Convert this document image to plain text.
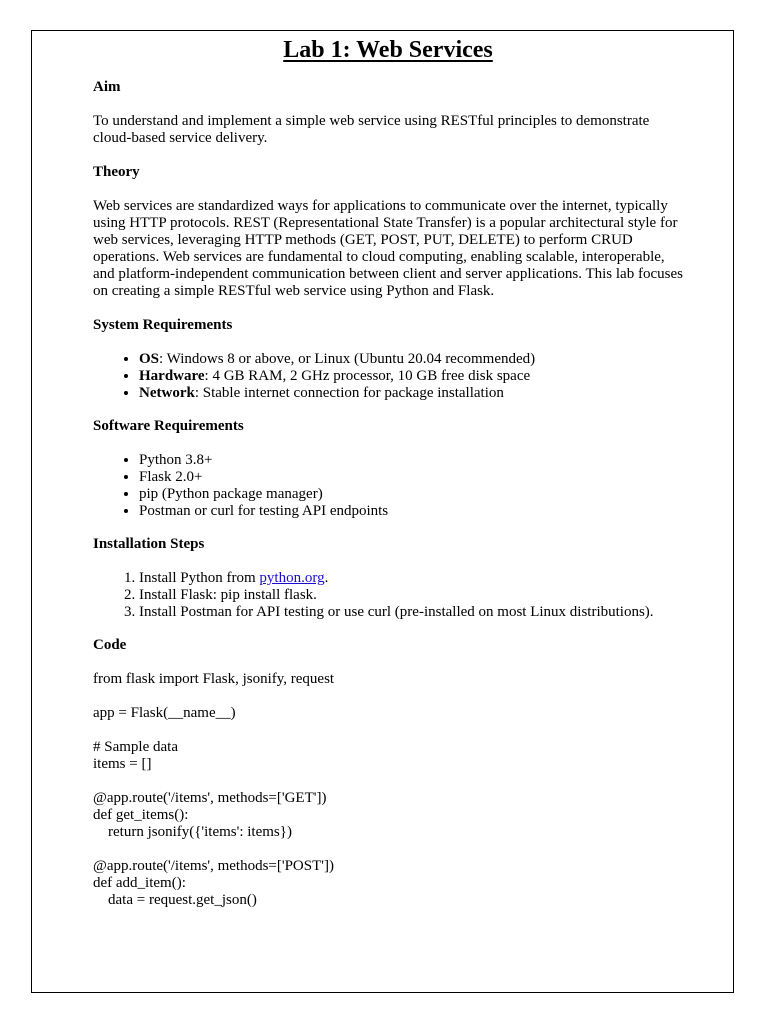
Lab 1: Web Services

Aim

To understand and implement a simple web service using RESTful principles to demonstrate cloud-based service delivery.

Theory

Web services are standardized ways for applications to communicate over the internet, typically using HTTP protocols. REST (Representational State Transfer) is a popular architectural style for web services, leveraging HTTP methods (GET, POST, PUT, DELETE) to perform CRUD operations. Web services are fundamental to cloud computing, enabling scalable, interoperable, and platform-independent communication between client and server applications. This lab focuses on creating a simple RESTful web service using Python and Flask.

System Requirements

• OS: Windows 8 or above, or Linux (Ubuntu 20.04 recommended)
• Hardware: 4 GB RAM, 2 GHz processor, 10 GB free disk space
• Network: Stable internet connection for package installation

Software Requirements

• Python 3.8+
• Flask 2.0+
• pip (Python package manager)
• Postman or curl for testing API endpoints

Installation Steps

1. Install Python from python.org.
2. Install Flask: pip install flask.
3. Install Postman for API testing or use curl (pre-installed on most Linux distributions).

Code

from flask import Flask, jsonify, request

app = Flask(__name__)

# Sample data

items = []

@app.route('/items', methods=['GET'])

def get_items():

return jsonify({'items': items})

@app.route('/items', methods=['POST'])

def add_item():

data = request.get_json()
